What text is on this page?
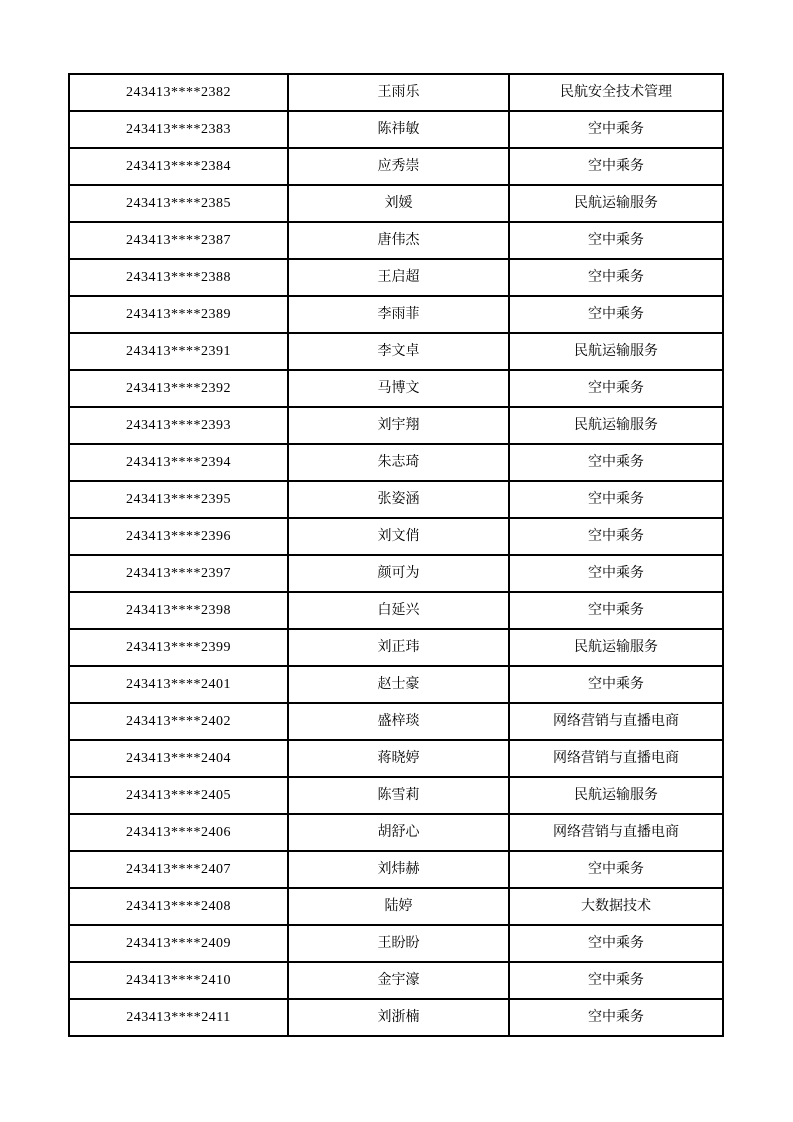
243413****2382	王雨乐	民航安全技术管理
243413****2383	陈祎敏	空中乘务
243413****2384	应秀崇	空中乘务
243413****2385	刘媛	民航运输服务
243413****2387	唐伟杰	空中乘务
243413****2388	王启超	空中乘务
243413****2389	李雨菲	空中乘务
243413****2391	李文卓	民航运输服务
243413****2392	马博文	空中乘务
243413****2393	刘宇翔	民航运输服务
243413****2394	朱志琦	空中乘务
243413****2395	张姿涵	空中乘务
243413****2396	刘文俏	空中乘务
243413****2397	颜可为	空中乘务
243413****2398	白延兴	空中乘务
243413****2399	刘正玮	民航运输服务
243413****2401	赵士豪	空中乘务
243413****2402	盛梓琰	网络营销与直播电商
243413****2404	蒋晓婷	网络营销与直播电商
243413****2405	陈雪莉	民航运输服务
243413****2406	胡舒心	网络营销与直播电商
243413****2407	刘炜赫	空中乘务
243413****2408	陆婷	大数据技术
243413****2409	王盼盼	空中乘务
243413****2410	金宇濠	空中乘务
243413****2411	刘浙楠	空中乘务
